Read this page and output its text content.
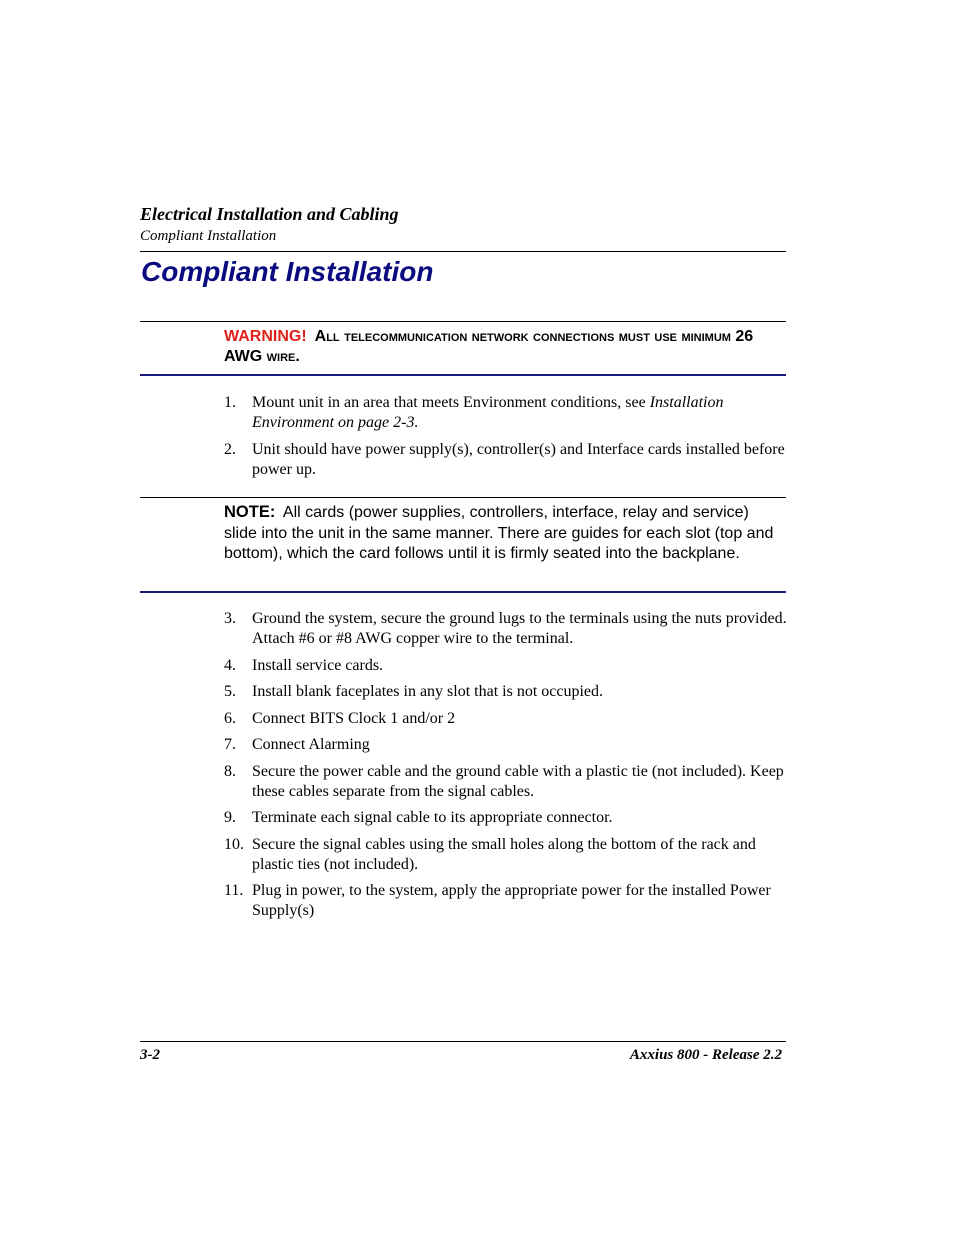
Electrical Installation and Cabling
Compliant Installation
Compliant Installation
WARNING! All telecommunication network connections must use minimum 26 AWG wire.
1. Mount unit in an area that meets Environment conditions, see Installation Environment on page 2-3.
2. Unit should have power supply(s), controller(s) and Interface cards installed before power up.
NOTE: All cards (power supplies, controllers, interface, relay and service) slide into the unit in the same manner. There are guides for each slot (top and bottom), which the card follows until it is firmly seated into the backplane.
3. Ground the system, secure the ground lugs to the terminals using the nuts provided. Attach #6 or #8 AWG copper wire to the terminal.
4. Install service cards.
5. Install blank faceplates in any slot that is not occupied.
6. Connect BITS Clock 1 and/or 2
7. Connect Alarming
8. Secure the power cable and the ground cable with a plastic tie (not included). Keep these cables separate from the signal cables.
9. Terminate each signal cable to its appropriate connector.
10. Secure the signal cables using the small holes along the bottom of the rack and plastic ties (not included).
11. Plug in power, to the system, apply the appropriate power for the installed Power Supply(s)
3-2	Axxius 800 - Release 2.2
